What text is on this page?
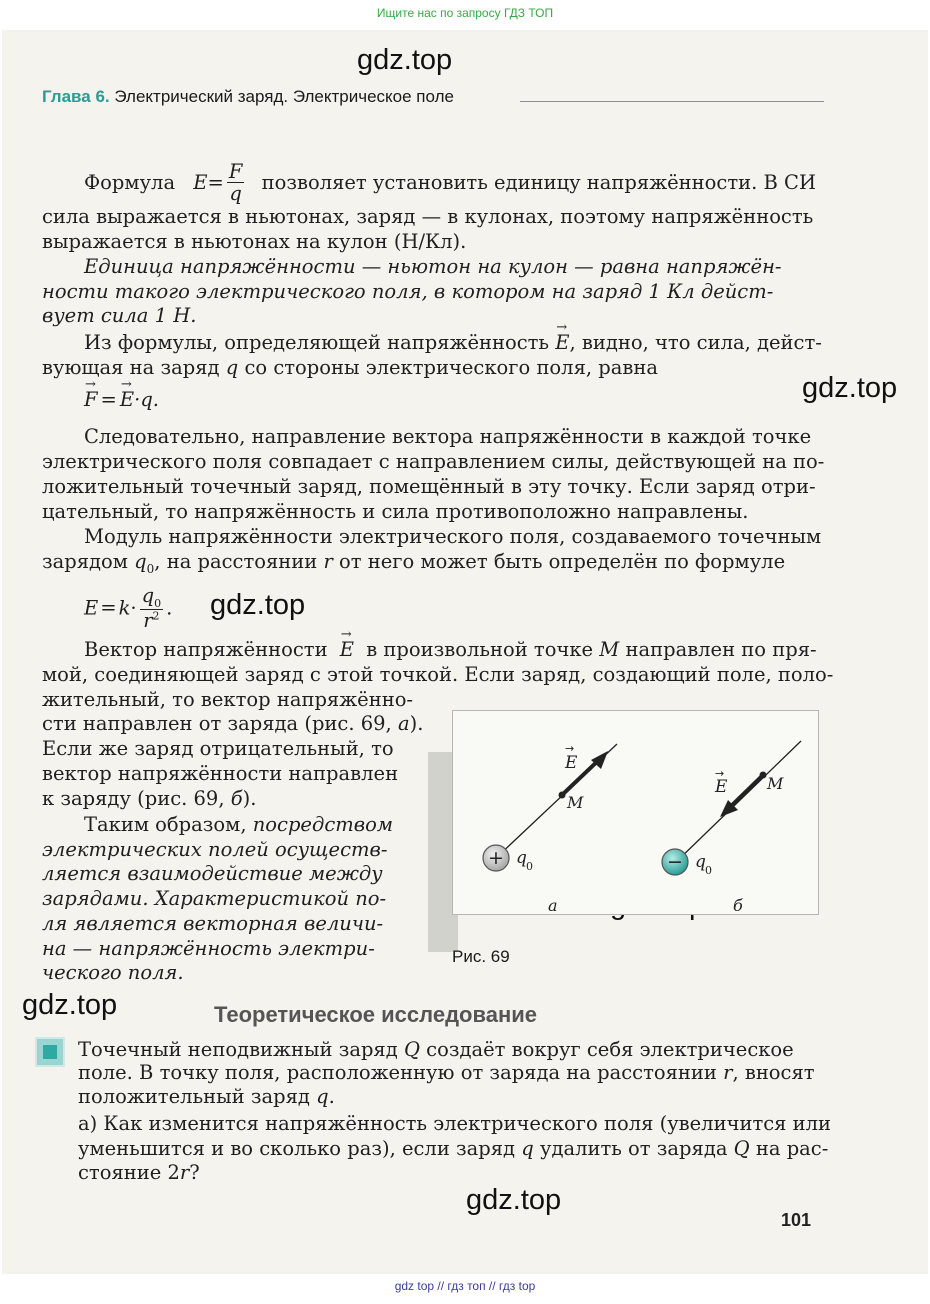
Ищите нас по запросу ГДЗ ТОП
gdz.top
gdz.top
gdz.top
gdz.top
gdz.top
Глава 6. Электрический заряд. Электрическое поле
Формула $E= \frac{F}{q}$ позволяет установить единицу напряжённости. В СИ
сила выражается в ньютонах, заряд — в кулонах, поэтому напряжённость
выражается в ньютонах на кулон (Н/Кл).
Единица напряжённости — ньютон на кулон — равна напряжён-
ности такого электрического поля, в котором на заряд 1 Кл дейст-
вует сила 1 Н.
Из формулы, определяющей напряжённость → E, видно, что сила, дейст-
вующая на заряд q со стороны электрического поля, равна
→ F = → E·q.
Следовательно, направление вектора напряжённости в каждой точке
электрического поля совпадает с направлением силы, действующей на по-
ложительный точечный заряд, помещённый в эту точку. Если заряд отри-
цательный, то напряжённость и сила противоположно направлены.
Модуль напряжённости электрического поля, создаваемого точечным
зарядом $q_0$, на расстоянии r от него может быть определён по формуле
$E = k\cdot \frac{q_0}{r^2}$ .
Вектор напряжённости → E в произвольной точке M направлен по пря-
мой, соединяющей заряд с этой точкой. Если заряд, создающий поле, поло-
жительный, то вектор напряжённо-
сти направлен от заряда (рис. 69, а).
Если же заряд отрицательный, то
вектор напряжённости направлен
к заряду (рис. 69, б).
Таким образом, посредством
электрических полей осуществ-
ляется взаимодействие между
зарядами. Характеристикой по-
ля является векторная величи-
на — напряжённость электри-
ческого поля.
+
E
→
M
q 0
а
−
E
→
M
q 0
б
Рис. 69
Теоретическое исследование
Точечный неподвижный заряд Q создаёт вокруг себя электрическое
поле. В точку поля, расположенную от заряда на расстоянии r, вносят
положительный заряд q.
а) Как изменится напряжённость электрического поля (увеличится или
уменьшится и во сколько раз), если заряд q удалить от заряда Q на рас-
стояние 2r?
101
gdz top // гдз топ // гдз top
